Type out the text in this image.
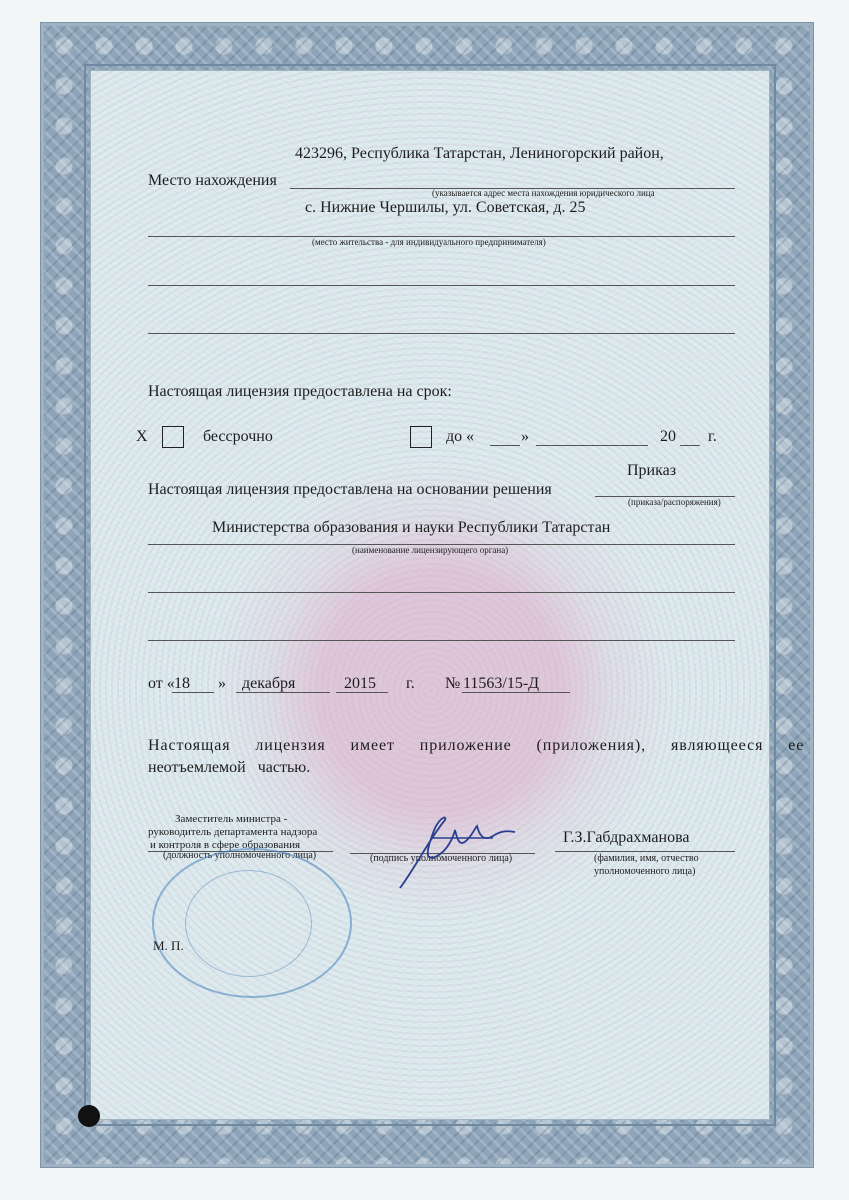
423296, Республика Татарстан, Лениногорский район,
Место нахождения
(указывается адрес места нахождения юридического лица
с. Нижние Чершилы, ул. Советская, д. 25
(место жительства - для индивидуального предпринимателя)
Настоящая лицензия предоставлена на срок:
Х	бессрочно	до «	»	20 г.
Приказ
Настоящая лицензия предоставлена на основании решения
(приказа/распоряжения)
Министерства образования и науки Республики Татарстан
(наименование лицензирующего органа)
от « 18 » декабря	2015 г. № 11563/15-Д
Настоящая лицензия имеет приложение (приложения), являющееся ее
неотъемлемой частью.
Заместитель министра -
руководитель департамента надзора
и контроля в сфере образования
(должность уполномоченного лица)	(подпись уполномоченного лица)
Г.З.Габдрахманова
(фамилия, имя, отчество
уполномоченного лица)
М. П.
